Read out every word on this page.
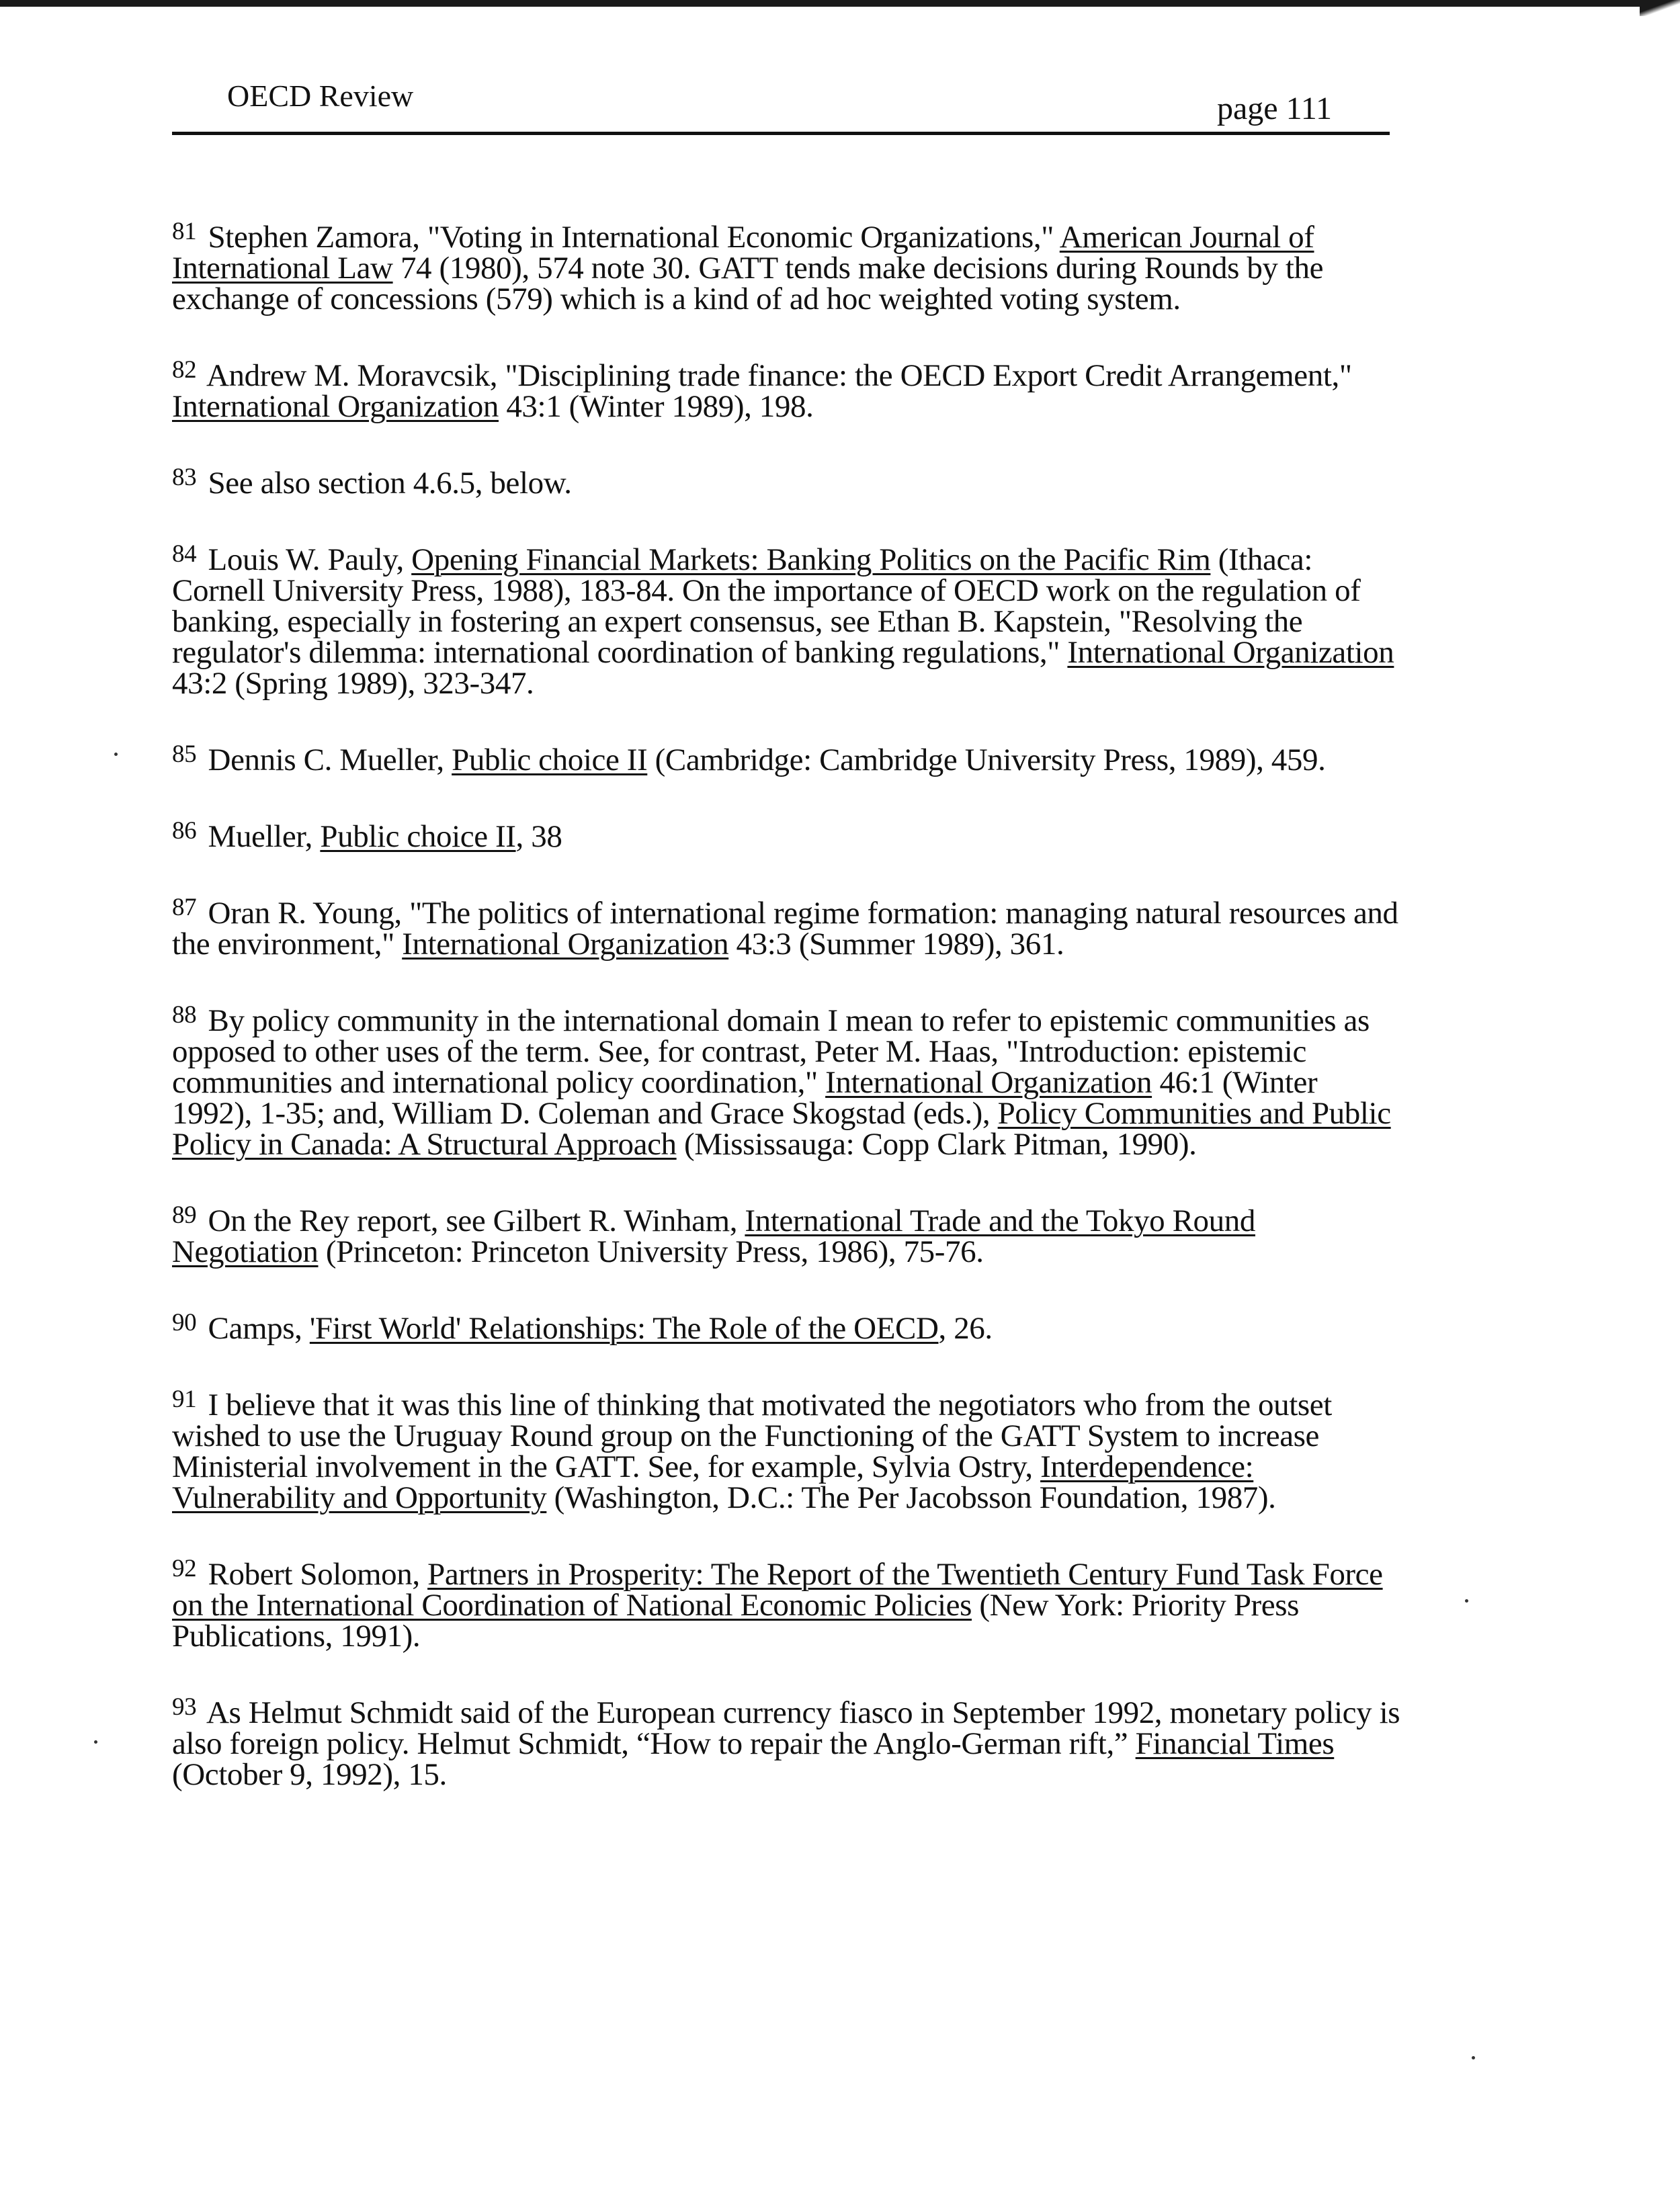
OECD Review	page 111

$^{81}$ Stephen Zamora, "Voting in International Economic Organizations," American Journal of International Law 74 (1980), 574 note 30. GATT tends make decisions during Rounds by the exchange of concessions (579) which is a kind of ad hoc weighted voting system.

$^{82}$ Andrew M. Moravcsik, "Disciplining trade finance: the OECD Export Credit Arrangement," International Organization 43:1 (Winter 1989), 198.

$^{83}$ See also section 4.6.5, below.

$^{84}$ Louis W. Pauly, Opening Financial Markets: Banking Politics on the Pacific Rim (Ithaca: Cornell University Press, 1988), 183-84. On the importance of OECD work on the regulation of banking, especially in fostering an expert consensus, see Ethan B. Kapstein, "Resolving the regulator's dilemma: international coordination of banking regulations," International Organization 43:2 (Spring 1989), 323-347.

$^{85}$ Dennis C. Mueller, Public choice II (Cambridge: Cambridge University Press, 1989), 459.

$^{86}$ Mueller, Public choice II, 38

$^{87}$ Oran R. Young, "The politics of international regime formation: managing natural resources and the environment," International Organization 43:3 (Summer 1989), 361.

$^{88}$ By policy community in the international domain I mean to refer to epistemic communities as opposed to other uses of the term. See, for contrast, Peter M. Haas, "Introduction: epistemic communities and international policy coordination," International Organization 46:1 (Winter 1992), 1-35; and, William D. Coleman and Grace Skogstad (eds.), Policy Communities and Public Policy in Canada: A Structural Approach (Mississauga: Copp Clark Pitman, 1990).

$^{89}$ On the Rey report, see Gilbert R. Winham, International Trade and the Tokyo Round Negotiation (Princeton: Princeton University Press, 1986), 75-76.

$^{90}$ Camps, 'First World' Relationships: The Role of the OECD, 26.

$^{91}$ I believe that it was this line of thinking that motivated the negotiators who from the outset wished to use the Uruguay Round group on the Functioning of the GATT System to increase Ministerial involvement in the GATT. See, for example, Sylvia Ostry, Interdependence: Vulnerability and Opportunity (Washington, D.C.: The Per Jacobsson Foundation, 1987).

$^{92}$ Robert Solomon, Partners in Prosperity: The Report of the Twentieth Century Fund Task Force on the International Coordination of National Economic Policies (New York: Priority Press Publications, 1991).

$^{93}$ As Helmut Schmidt said of the European currency fiasco in September 1992, monetary policy is also foreign policy. Helmut Schmidt, “How to repair the Anglo-German rift,” Financial Times (October 9, 1992), 15.
